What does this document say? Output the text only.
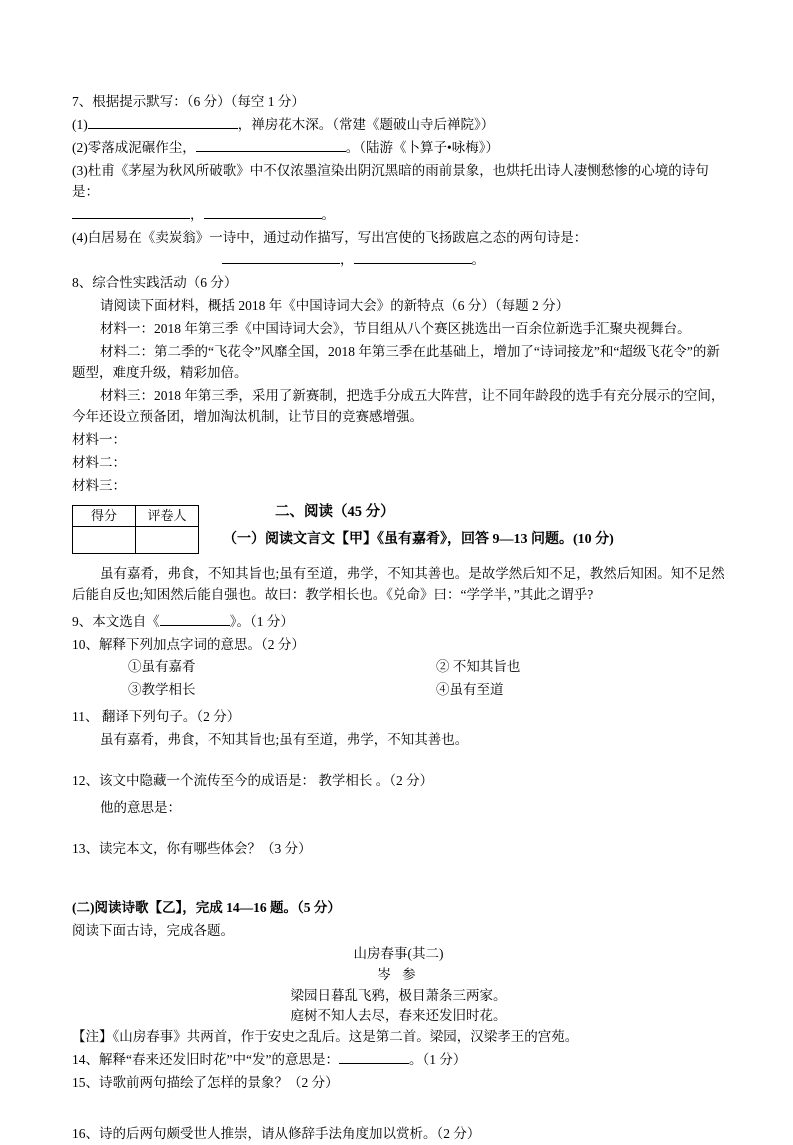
7、根据提示默写：（6 分）（每空 1 分）

(1)	，禅房花木深。（常建《题破山寺后禅院》）

(2)零落成泥碾作尘，	。（陆游《卜算子•咏梅》）

(3)杜甫《茅屋为秋风所破歌》中不仅浓墨渲染出阴沉黑暗的雨前景象，也烘托出诗人凄恻愁惨的心境的诗句是：

，	。

(4)白居易在《卖炭翁》一诗中，通过动作描写，写出宫使的飞扬跋扈之态的两句诗是：

，	。

8、综合性实践活动（6 分）

请阅读下面材料，概括 2018 年《中国诗词大会》的新特点（6 分）（每题 2 分）

材料一：2018 年第三季《中国诗词大会》，节目组从八个赛区挑选出一百余位新选手汇聚央视舞台。

材料二：第二季的“飞花令”风靡全国，2018 年第三季在此基础上，增加了“诗词接龙”和“超级飞花令”的新题型，难度升级，精彩加倍。

材料三：2018 年第三季，采用了新赛制，把选手分成五大阵营，让不同年龄段的选手有充分展示的空间，今年还设立预备团，增加淘汰机制，让节目的竞赛感增强。

材料一：

材料二：

材料三：

得分	评卷人
		二、阅读（45 分）

（一）阅读文言文【甲】《虽有嘉肴》，回答 9—13 问题。(10 分)

虽有嘉肴，弗食，不知其旨也;虽有至道，弗学，不知其善也。是故学然后知不足，教然后知困。知不足然后能自反也;知困然后能自强也。故曰：教学相长也。《兑命》曰：“学学半，”其此之谓乎?

9、本文选自《	》。（1 分）

10、解释下列加点字词的意思。（2 分）

①虽有嘉肴	② 不知其旨也

③教学相长	④虽有至道

11、 翻译下列句子。（2 分）

虽有嘉肴，弗食，不知其旨也;虽有至道，弗学，不知其善也。

12、该文中隐藏一个流传至今的成语是： 教学相长 。（2 分）

他的意思是：

13、读完本文，你有哪些体会？（3 分）

(二)阅读诗歌【乙】，完成 14—16 题。（5 分）

阅读下面古诗，完成各题。

山房春事(其二)

岑 参

梁园日暮乱飞鸦，极目萧条三两家。

庭树不知人去尽，春来还发旧时花。

【注】《山房春事》共两首，作于安史之乱后。这是第二首。梁园，汉梁孝王的宫苑。

14、解释“春来还发旧时花”中“发”的意思是：	。（1 分）

15、诗歌前两句描绘了怎样的景象？（2 分）

16、诗的后两句颇受世人推崇，请从修辞手法角度加以赏析。（2 分）
